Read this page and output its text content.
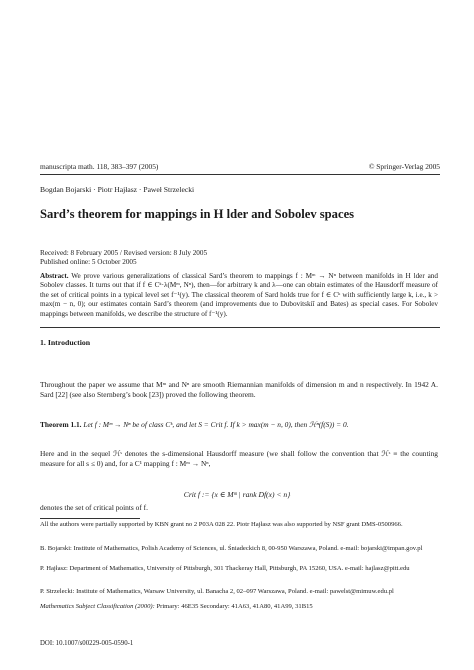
manuscripta math. 118, 383–397 (2005)	© Springer-Verlag 2005
Bogdan Bojarski · Piotr Hajłasz · Paweł Strzelecki
Sard’s theorem for mappings in H lder and Sobolev spaces
Received: 8 February 2005 / Revised version: 8 July 2005
Published online: 5 October 2005
Abstract. We prove various generalizations of classical Sard’s theorem to mappings f : Mᵐ → Nⁿ between manifolds in H lder and Sobolev classes. It turns out that if f ∈ Cᵏ·λ(Mᵐ, Nⁿ), then—for arbitrary k and λ—one can obtain estimates of the Hausdorff measure of the set of critical points in a typical level set f⁻¹(y). The classical theorem of Sard holds true for f ∈ Cᵏ with sufficiently large k, i.e., k > max(m − n, 0); our estimates contain Sard’s theorem (and improvements due to Dubovitskiĭ and Bates) as special cases. For Sobolev mappings between manifolds, we describe the structure of f⁻¹(y).
1. Introduction
Throughout the paper we assume that Mᵐ and Nⁿ are smooth Riemannian manifolds of dimension m and n respectively. In 1942 A. Sard [22] (see also Sternberg’s book [23]) proved the following theorem.
Theorem 1.1. Let f : Mᵐ → Nⁿ be of class Cᵏ, and let S = Crit f. If k > max(m − n, 0), then ℋⁿ(f(S)) = 0.
Here and in the sequel ℋˢ denotes the s-dimensional Hausdorff measure (we shall follow the convention that ℋˢ ≡ the counting measure for all s ≤ 0) and, for a C¹ mapping f : Mᵐ → Nⁿ,
Crit f := {x ∈ Mᵐ | rank Df(x) < n}
denotes the set of critical points of f.
All the authors were partially supported by KBN grant no 2 P03A 028 22. Piotr Hajłasz was also supported by NSF grant DMS-0500966.
B. Bojarski: Institute of Mathematics, Polish Academy of Sciences, ul. Śniadeckich 8, 00-950 Warszawa, Poland. e-mail: bojarski@impan.gov.pl
P. Hajłasz: Department of Mathematics, University of Pittsburgh, 301 Thackeray Hall, Pittsburgh, PA 15260, USA. e-mail: hajlasz@pitt.edu
P. Strzelecki: Institute of Mathematics, Warsaw University, ul. Banacha 2, 02–097 Warszawa, Poland. e-mail: pawelst@mimuw.edu.pl
Mathematics Subject Classification (2000): Primary: 46E35 Secondary: 41A63, 41A80, 41A99, 31B15
DOI: 10.1007/s00229-005-0590-1
